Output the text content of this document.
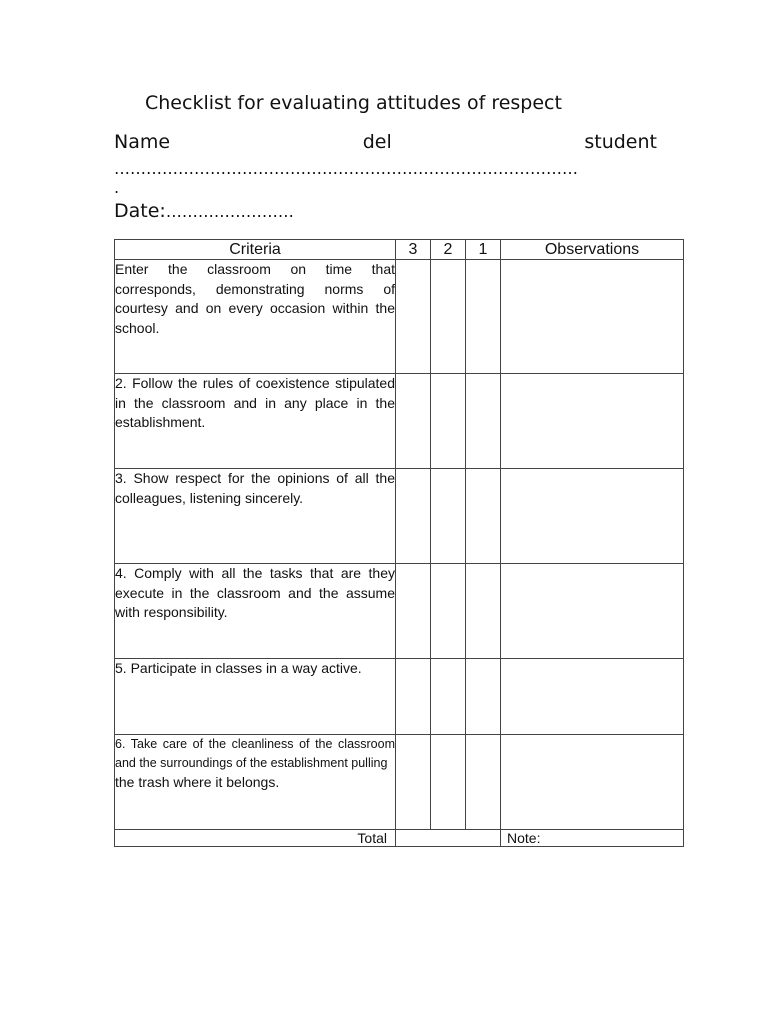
Checklist for evaluating attitudes of respect
Name	del	student
……………………………………………………………………………
.
Date:……………………
Criteria	3	2	1	Observations

Enter the classroom on time that corresponds, demonstrating norms of courtesy and on every occasion within the school.				

2. Follow the rules of coexistence stipulated in the classroom and in any place in the establishment.				

3. Show respect for the opinions of all the colleagues, listening sincerely.				

4. Comply with all the tasks that are they execute in the classroom and the assume with responsibility.				

5. Participate in classes in a way active.				

6. Take care of the cleanliness of the classroom and the surroundings of the establishment pulling
the trash where it belongs.				

Total				Note:
